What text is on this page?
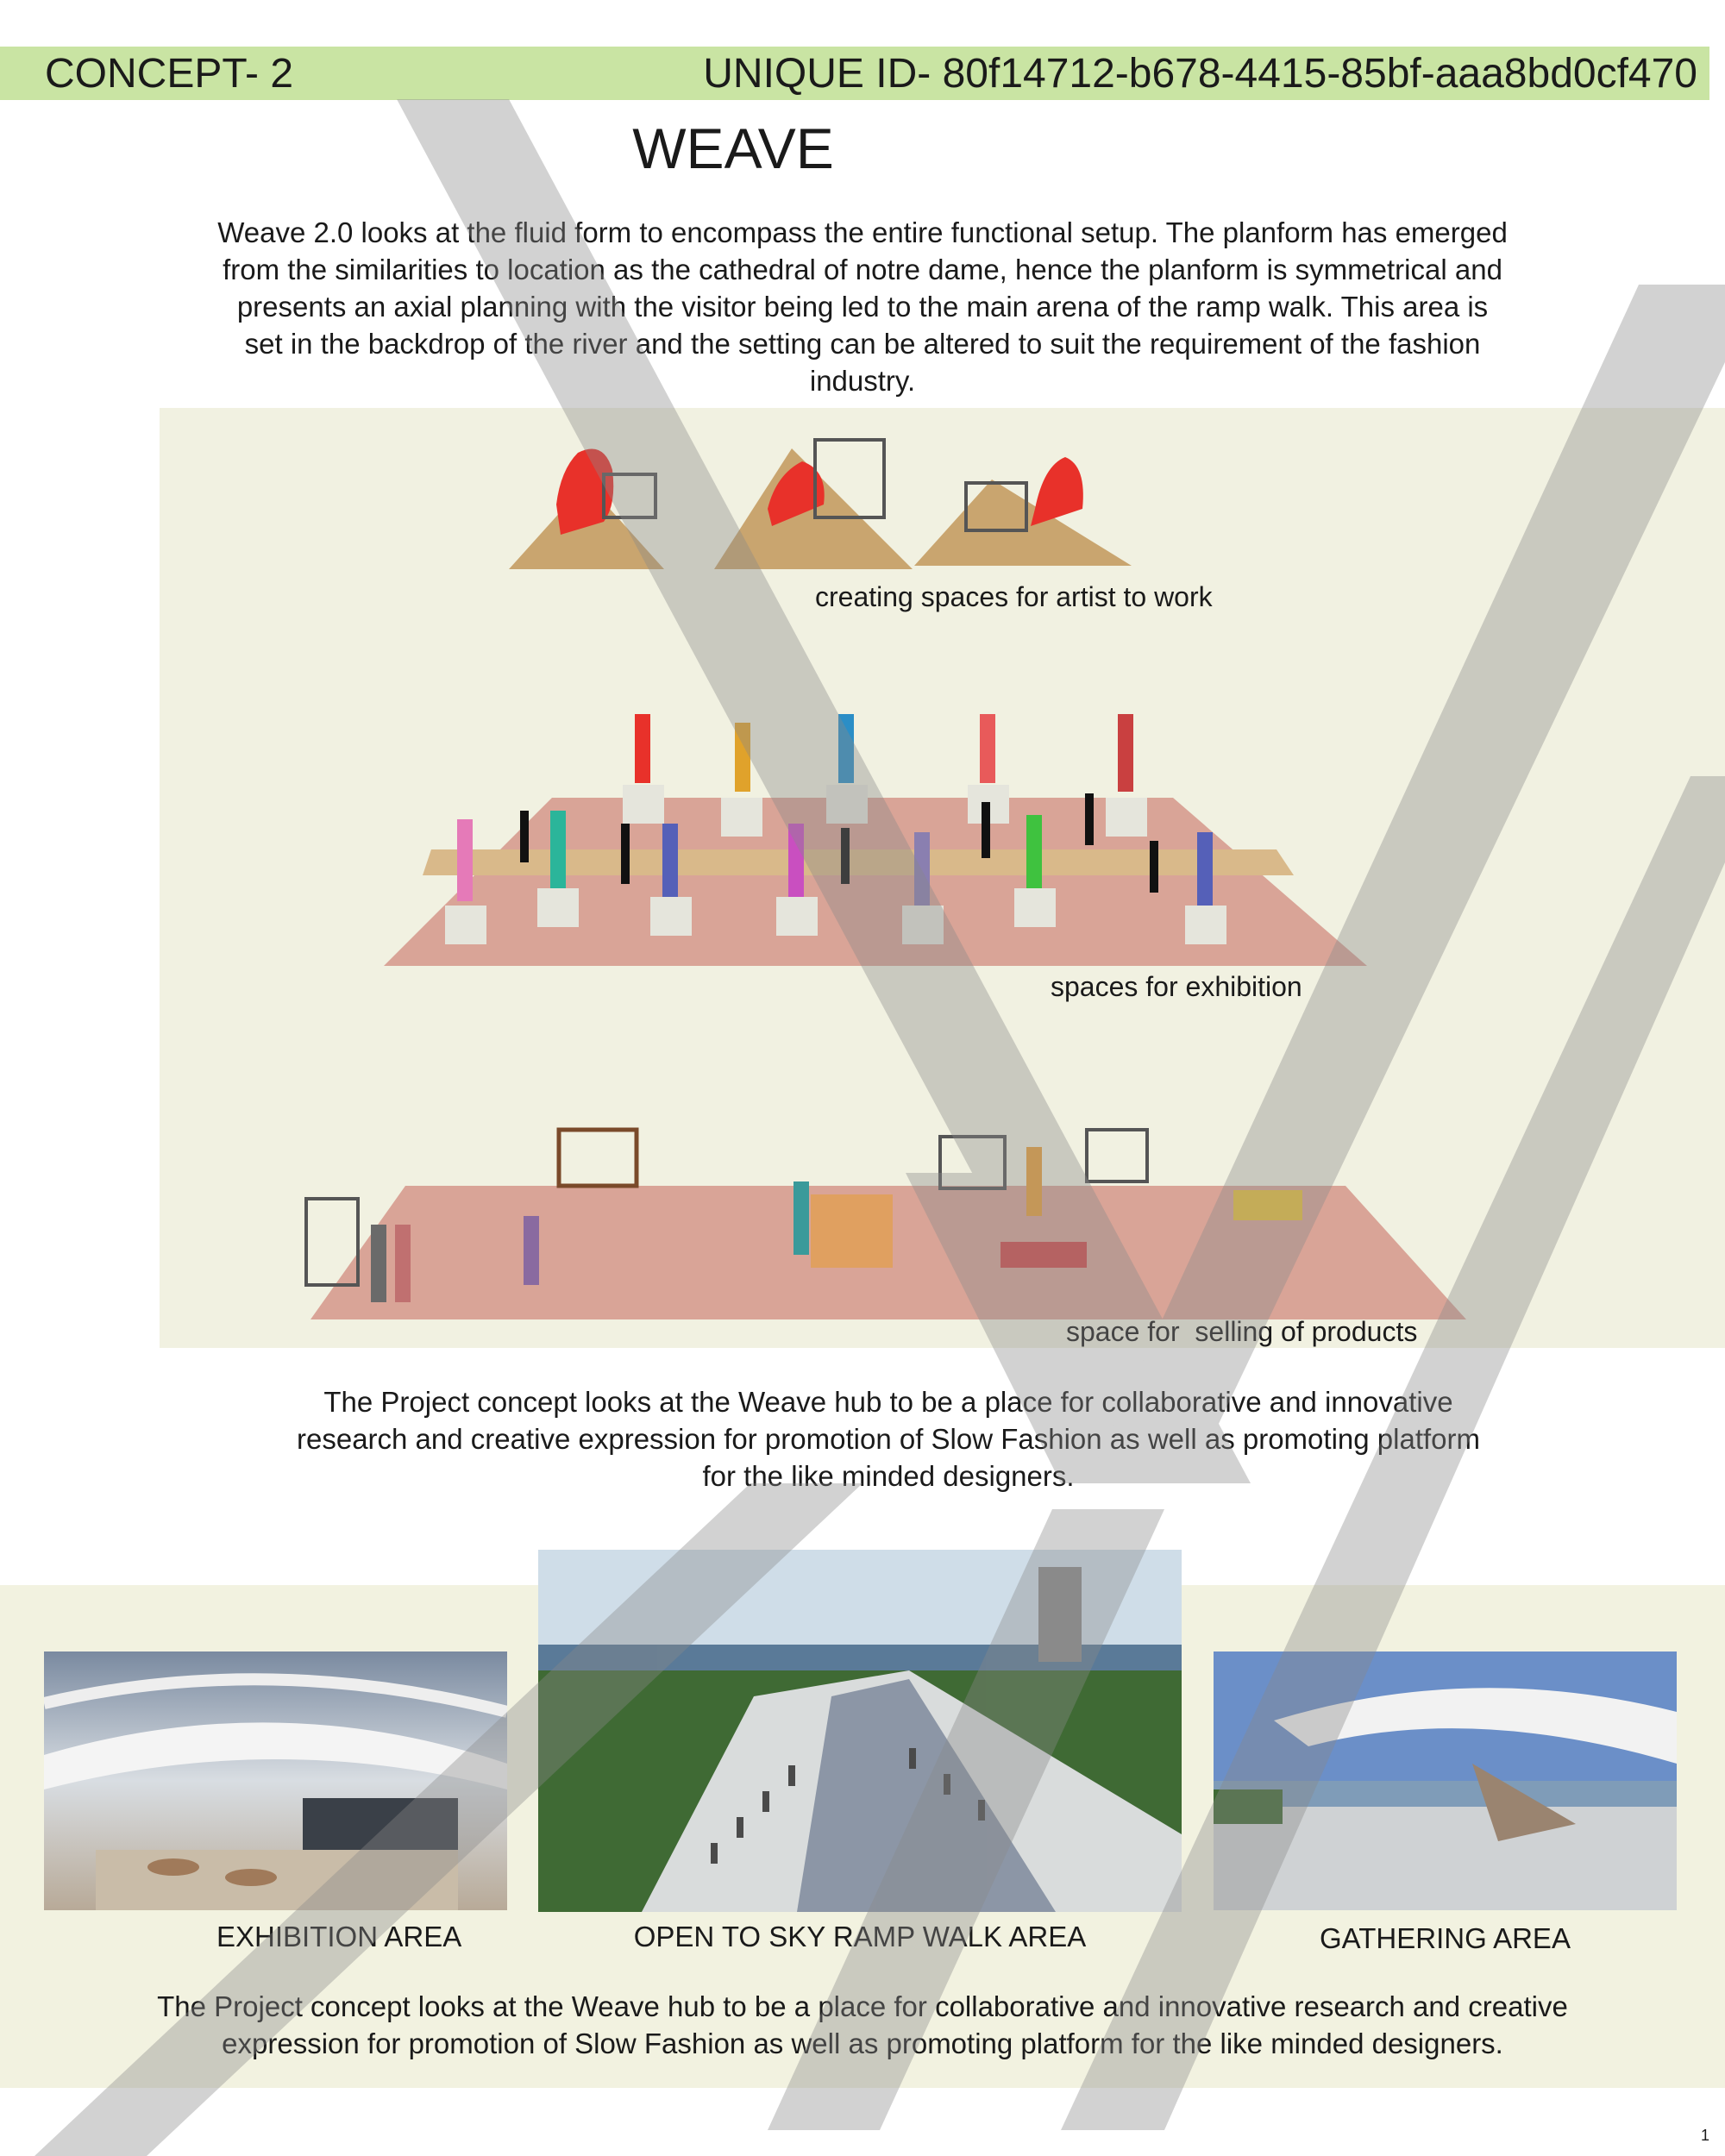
CONCEPT- 2	UNIQUE ID- 80f14712-b678-4415-85bf-aaa8bd0cf470
WEAVE

Weave 2.0 looks at the fluid form to encompass the entire functional setup. The planform has emerged from the similarities to location as the cathedral of notre dame, hence the planform is symmetrical and presents an axial planning with the visitor being led to the main arena of the ramp walk. This area is set in the backdrop of the river and the setting can be altered to suit the requirement of the fashion industry.

creating spaces for artist to work
spaces for exhibition
space for  selling of products

The Project concept looks at the Weave hub to be a place for collaborative and innovative research and creative expression for promotion of Slow Fashion as well as promoting platform for the like minded designers.

EXHIBITION AREA	OPEN TO SKY RAMP WALK AREA	GATHERING AREA

The Project concept looks at the Weave hub to be a place for collaborative and innovative research and creative expression for promotion of Slow Fashion as well as promoting platform for the like minded designers.

1
